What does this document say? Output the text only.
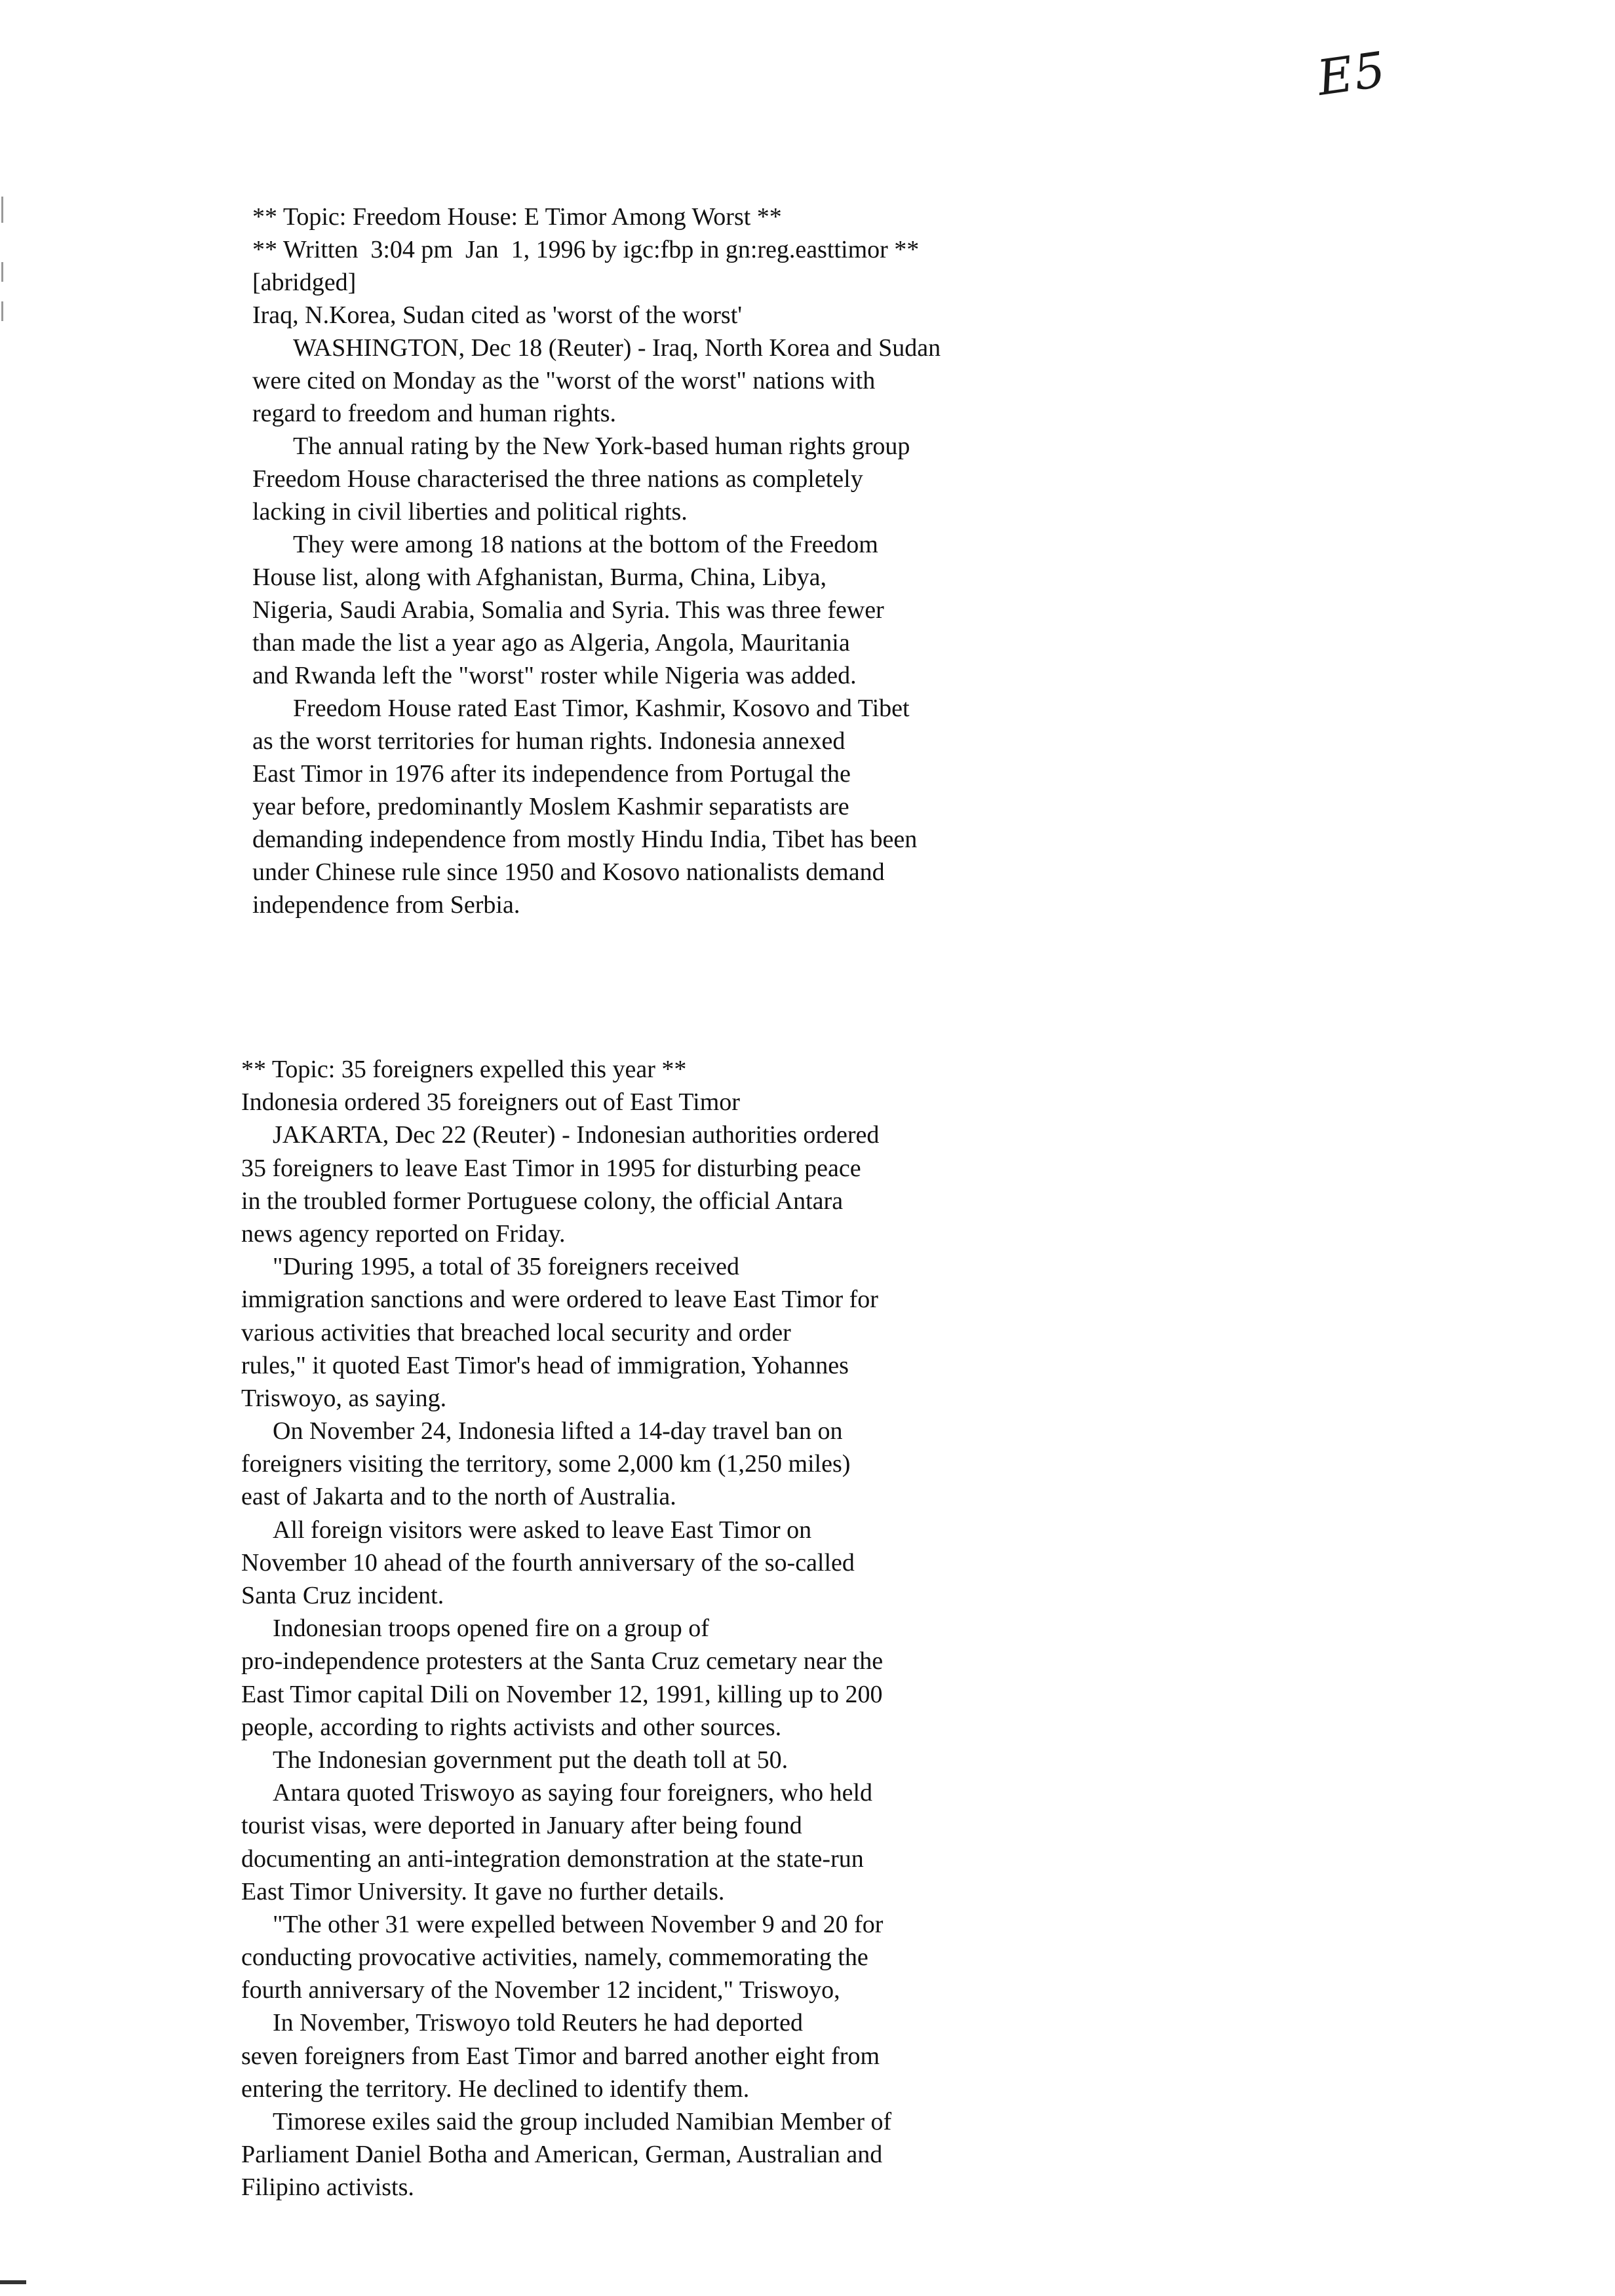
E5
** Topic: Freedom House: E Timor Among Worst **
** Written  3:04 pm  Jan  1, 1996 by igc:fbp in gn:reg.easttimor **
[abridged]
Iraq, N.Korea, Sudan cited as 'worst of the worst'
WASHINGTON, Dec 18 (Reuter) - Iraq, North Korea and Sudan
were cited on Monday as the "worst of the worst" nations with
regard to freedom and human rights.
The annual rating by the New York-based human rights group
Freedom House characterised the three nations as completely
lacking in civil liberties and political rights.
They were among 18 nations at the bottom of the Freedom
House list, along with Afghanistan, Burma, China, Libya,
Nigeria, Saudi Arabia, Somalia and Syria. This was three fewer
than made the list a year ago as Algeria, Angola, Mauritania
and Rwanda left the "worst" roster while Nigeria was added.
Freedom House rated East Timor, Kashmir, Kosovo and Tibet
as the worst territories for human rights. Indonesia annexed
East Timor in 1976 after its independence from Portugal the
year before, predominantly Moslem Kashmir separatists are
demanding independence from mostly Hindu India, Tibet has been
under Chinese rule since 1950 and Kosovo nationalists demand
independence from Serbia.
** Topic: 35 foreigners expelled this year **
Indonesia ordered 35 foreigners out of East Timor
JAKARTA, Dec 22 (Reuter) - Indonesian authorities ordered
35 foreigners to leave East Timor in 1995 for disturbing peace
in the troubled former Portuguese colony, the official Antara
news agency reported on Friday.
"During 1995, a total of 35 foreigners received
immigration sanctions and were ordered to leave East Timor for
various activities that breached local security and order
rules," it quoted East Timor's head of immigration, Yohannes
Triswoyo, as saying.
On November 24, Indonesia lifted a 14-day travel ban on
foreigners visiting the territory, some 2,000 km (1,250 miles)
east of Jakarta and to the north of Australia.
All foreign visitors were asked to leave East Timor on
November 10 ahead of the fourth anniversary of the so-called
Santa Cruz incident.
Indonesian troops opened fire on a group of
pro-independence protesters at the Santa Cruz cemetary near the
East Timor capital Dili on November 12, 1991, killing up to 200
people, according to rights activists and other sources.
The Indonesian government put the death toll at 50.
Antara quoted Triswoyo as saying four foreigners, who held
tourist visas, were deported in January after being found
documenting an anti-integration demonstration at the state-run
East Timor University. It gave no further details.
"The other 31 were expelled between November 9 and 20 for
conducting provocative activities, namely, commemorating the
fourth anniversary of the November 12 incident," Triswoyo,
In November, Triswoyo told Reuters he had deported
seven foreigners from East Timor and barred another eight from
entering the territory. He declined to identify them.
Timorese exiles said the group included Namibian Member of
Parliament Daniel Botha and American, German, Australian and
Filipino activists.
